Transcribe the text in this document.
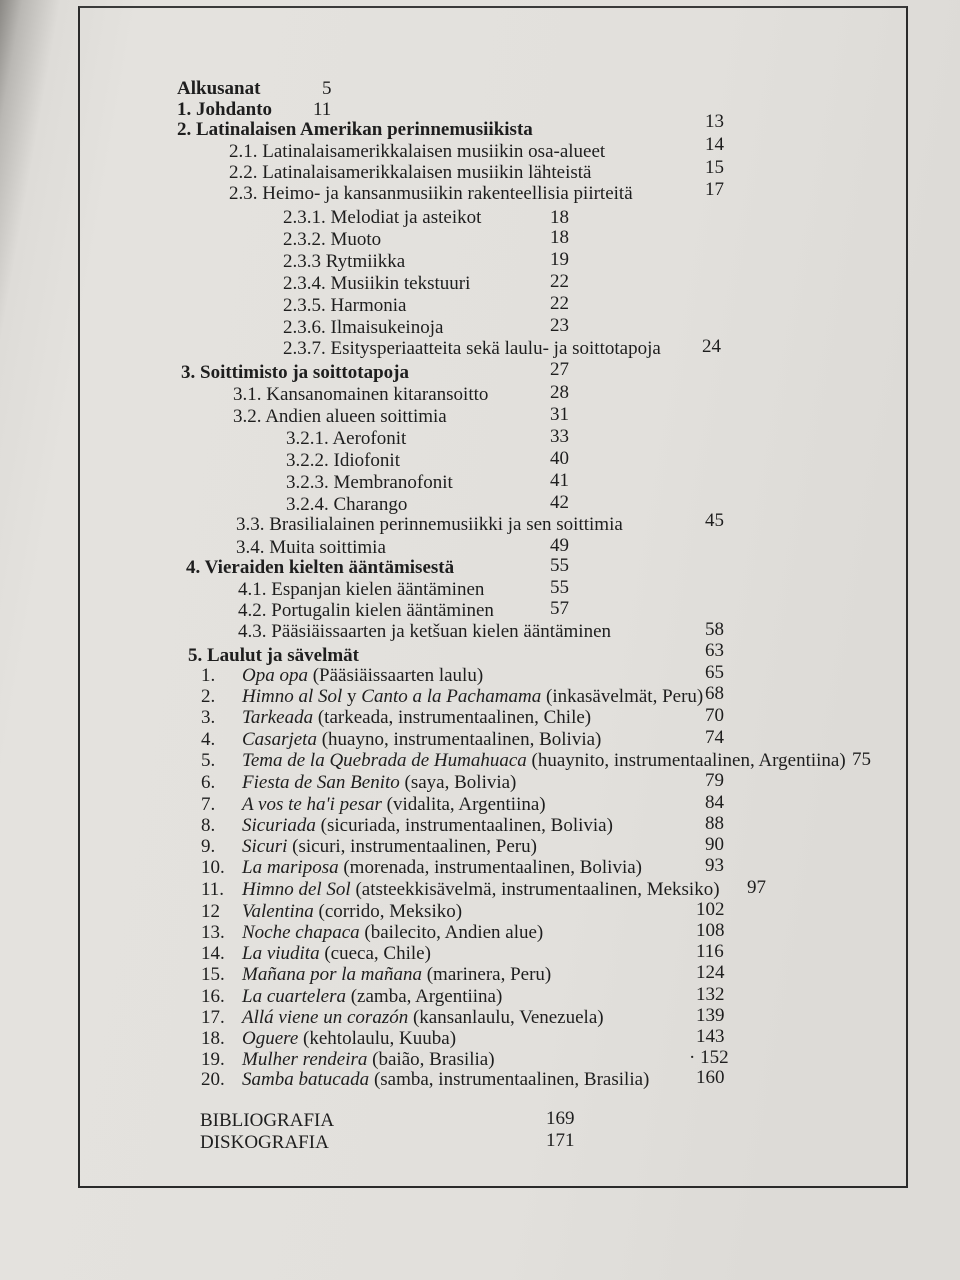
Alkusanat	5
1. Johdanto 11
2. Latinalaisen Amerikan perinnemusiikista	13
2.1. Latinalaisamerikkalaisen musiikin osa-alueet	14
2.2. Latinalaisamerikkalaisen musiikin lähteistä	15
2.3. Heimo- ja kansanmusiikin rakenteellisia piirteitä	17
2.3.1. Melodiat ja asteikot	18
2.3.2. Muoto	18
2.3.3 Rytmiikka	19
2.3.4. Musiikin tekstuuri	22
2.3.5. Harmonia	22
2.3.6. Ilmaisukeinoja	23
2.3.7. Esitysperiaatteita sekä laulu- ja soittotapoja 24
3. Soittimisto ja soittotapoja	27
3.1. Kansanomainen kitaransoitto	28
3.2. Andien alueen soittimia	31
3.2.1. Aerofonit	33
3.2.2. Idiofonit	40
3.2.3. Membranofonit	41
3.2.4. Charango	42
3.3. Brasilialainen perinnemusiikki ja sen soittimia	45
3.4. Muita soittimia	49
4. Vieraiden kielten ääntämisestä	55
4.1. Espanjan kielen ääntäminen	55
4.2. Portugalin kielen ääntäminen	57
4.3. Pääsiäissaarten ja ketšuan kielen ääntäminen	58
5. Laulut ja sävelmät	63
1. Opa opa (Pääsiäissaarten laulu)	65
2. Himno al Sol y Canto a la Pachamama (inkasävelmät, Peru) 68
3. Tarkeada (tarkeada, instrumentaalinen, Chile)	70
4. Casarjeta (huayno, instrumentaalinen, Bolivia)	74
5. Tema de la Quebrada de Humahuaca (huaynito, instrumentaalinen, Argentiina) 75
6. Fiesta de San Benito (saya, Bolivia)	79
7. A vos te ha'i pesar (vidalita, Argentiina)	84
8. Sicuriada (sicuriada, instrumentaalinen, Bolivia)	88
9. Sicuri (sicuri, instrumentaalinen, Peru)	90
10. La mariposa (morenada, instrumentaalinen, Bolivia)	93
11. Himno del Sol (atsteekkisävelmä, instrumentaalinen, Meksiko) 97
12 Valentina (corrido, Meksiko)	102
13. Noche chapaca (bailecito, Andien alue)	108
14. La viudita (cueca, Chile)	116
15. Mañana por la mañana (marinera, Peru)	124
16. La cuartelera (zamba, Argentiina)	132
17. Allá viene un corazón (kansanlaulu, Venezuela)	139
18. Oguere (kehtolaulu, Kuuba)	143
19. Mulher rendeira (baião, Brasilia)	· 152
20. Samba batucada (samba, instrumentaalinen, Brasilia) 160
BIBLIOGRAFIA	169
DISKOGRAFIA	171
